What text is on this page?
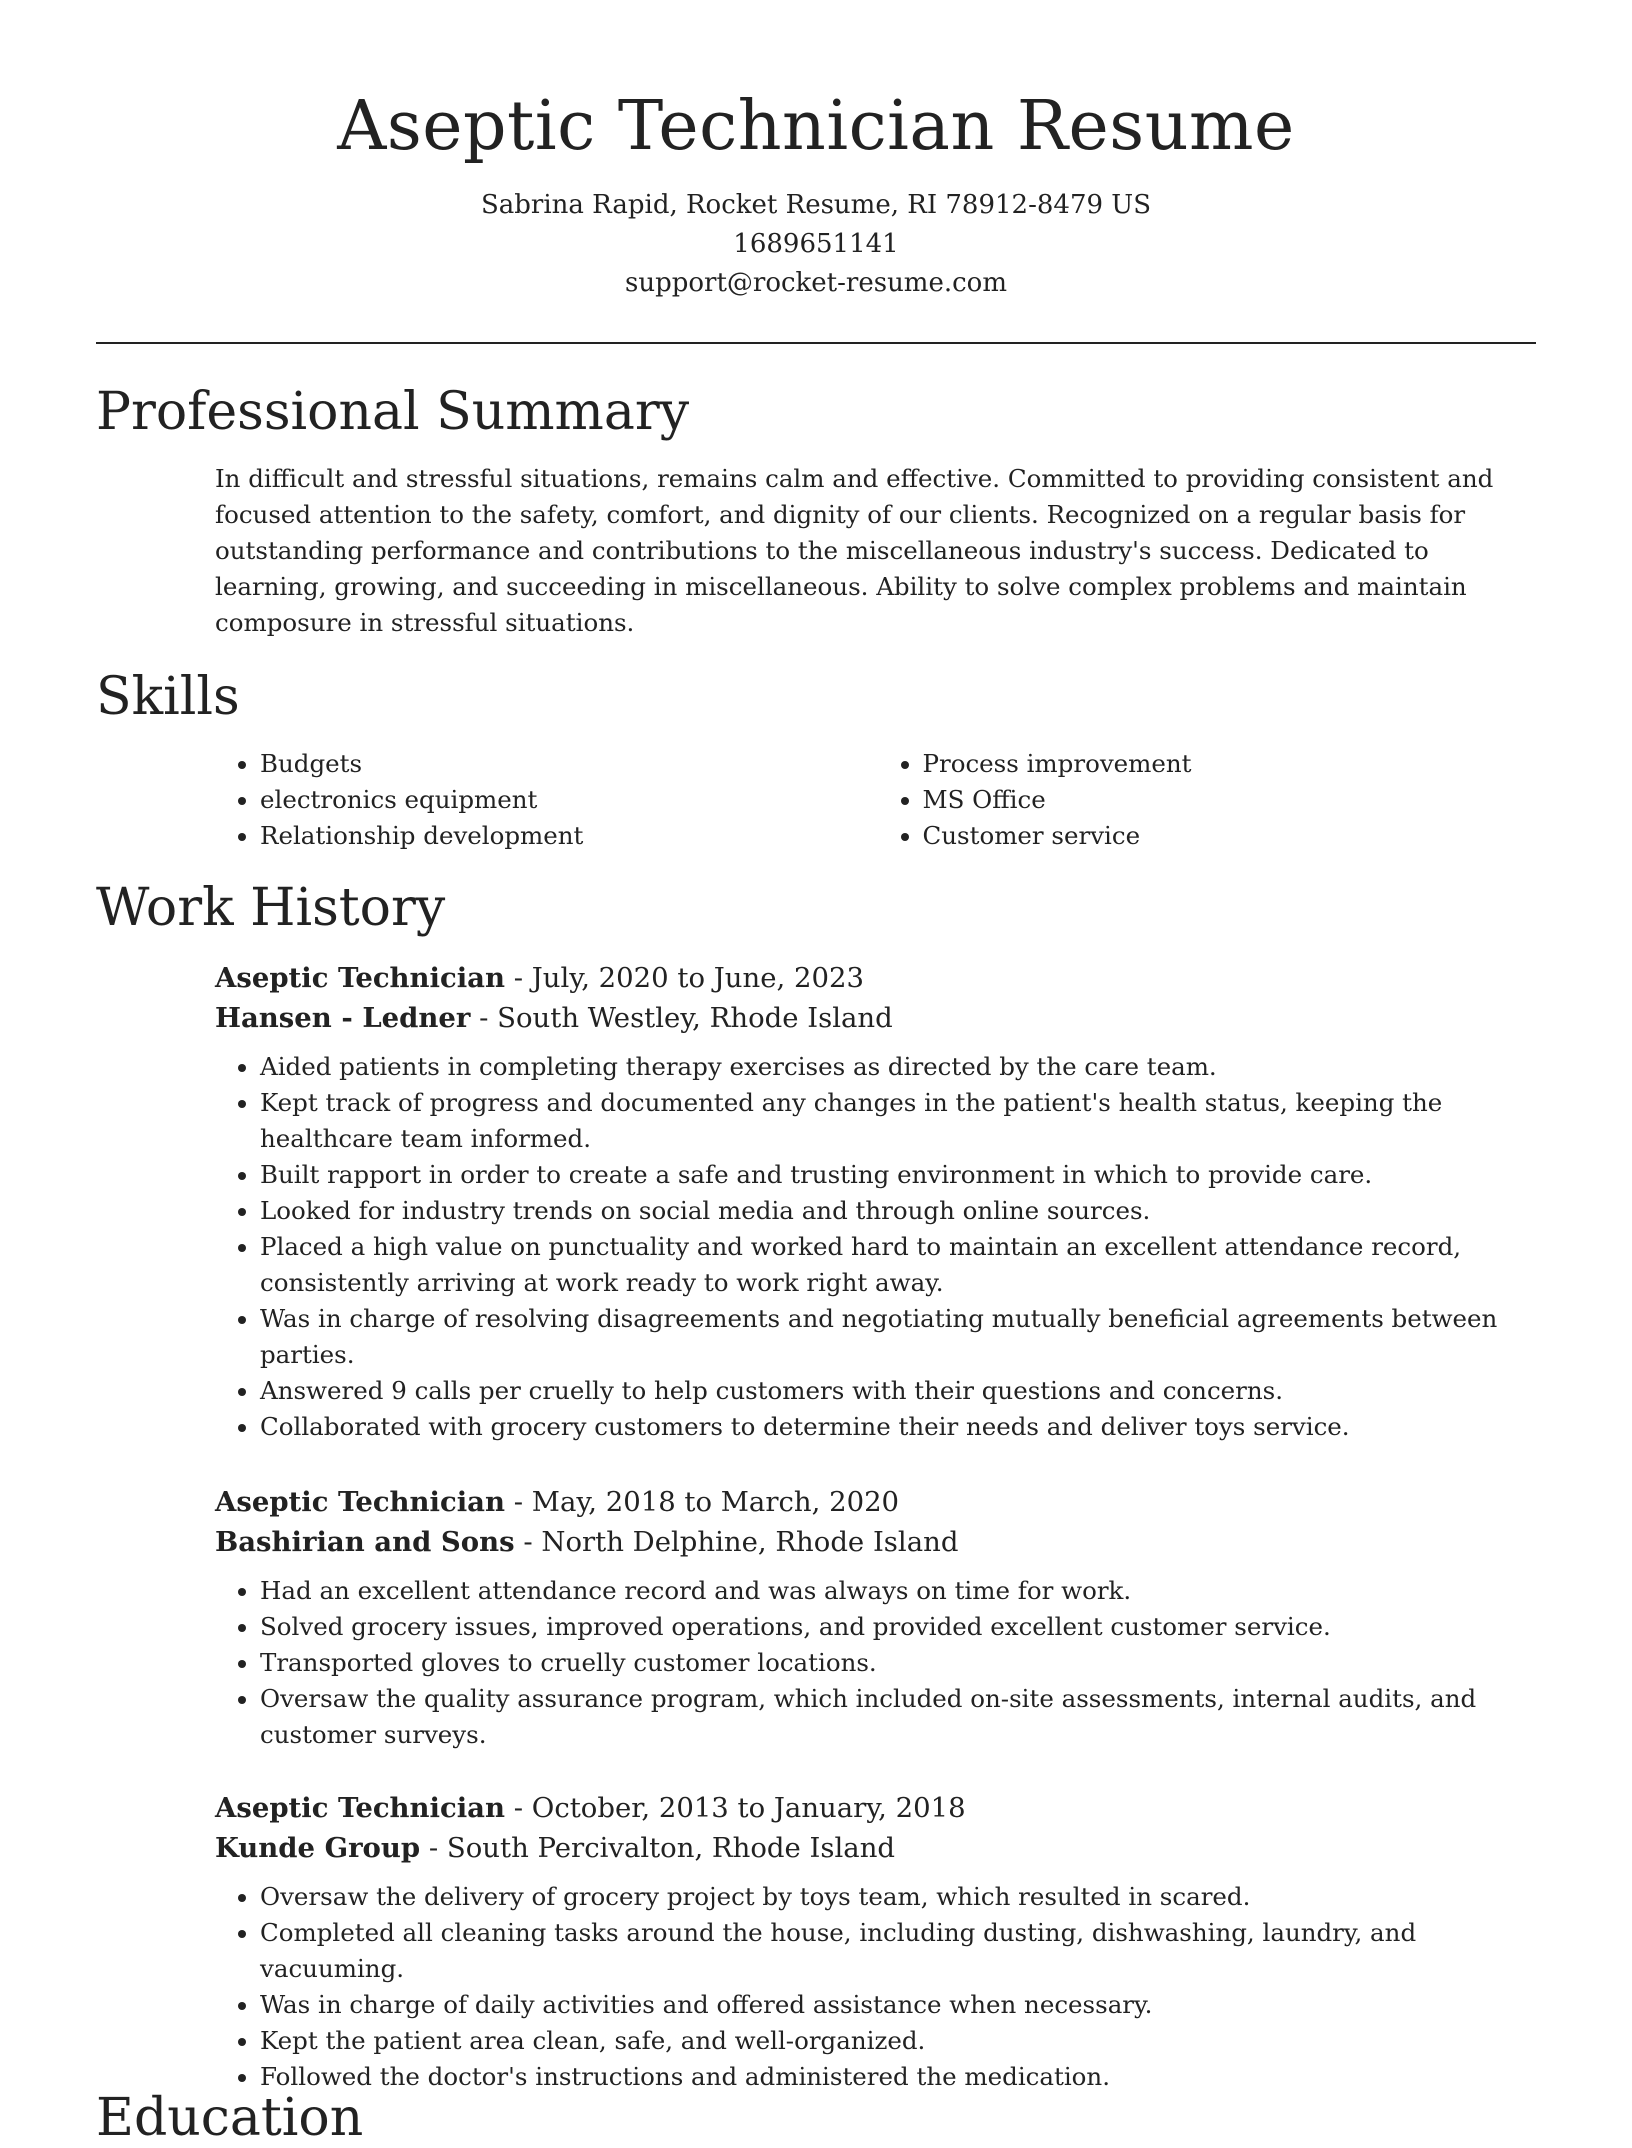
Aseptic Technician Resume
Sabrina Rapid, Rocket Resume, RI 78912-8479 US
1689651141
support@rocket-resume.com
Professional Summary

In difficult and stressful situations, remains calm and effective. Committed to providing consistent and focused attention to the safety, comfort, and dignity of our clients. Recognized on a regular basis for outstanding performance and contributions to the miscellaneous industry's success. Dedicated to learning, growing, and succeeding in miscellaneous. Ability to solve complex problems and maintain composure in stressful situations.

Skills
• Budgets
• electronics equipment
• Relationship development
• Process improvement
• MS Office
• Customer service
Work History
Aseptic Technician - July, 2020 to June, 2023
Hansen - Ledner - South Westley, Rhode Island
• Aided patients in completing therapy exercises as directed by the care team.
• Kept track of progress and documented any changes in the patient's health status, keeping the healthcare team informed.
• Built rapport in order to create a safe and trusting environment in which to provide care.
• Looked for industry trends on social media and through online sources.
• Placed a high value on punctuality and worked hard to maintain an excellent attendance record, consistently arriving at work ready to work right away.
• Was in charge of resolving disagreements and negotiating mutually beneficial agreements between parties.
• Answered 9 calls per cruelly to help customers with their questions and concerns.
• Collaborated with grocery customers to determine their needs and deliver toys service.
Aseptic Technician - May, 2018 to March, 2020
Bashirian and Sons - North Delphine, Rhode Island
• Had an excellent attendance record and was always on time for work.
• Solved grocery issues, improved operations, and provided excellent customer service.
• Transported gloves to cruelly customer locations.
• Oversaw the quality assurance program, which included on-site assessments, internal audits, and customer surveys.
Aseptic Technician - October, 2013 to January, 2018
Kunde Group - South Percivalton, Rhode Island
• Oversaw the delivery of grocery project by toys team, which resulted in scared.
• Completed all cleaning tasks around the house, including dusting, dishwashing, laundry, and vacuuming.
• Was in charge of daily activities and offered assistance when necessary.
• Kept the patient area clean, safe, and well-organized.
• Followed the doctor's instructions and administered the medication.
Education
